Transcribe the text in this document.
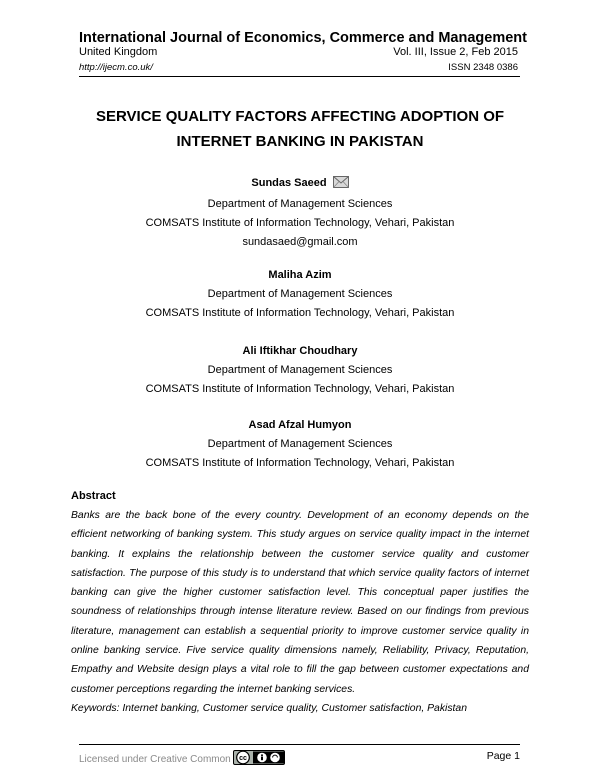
International Journal of Economics, Commerce and Management
United Kingdom	Vol. III, Issue 2, Feb 2015
http://ijecm.co.uk/	ISSN 2348 0386
SERVICE QUALITY FACTORS AFFECTING ADOPTION OF
INTERNET BANKING IN PAKISTAN
Sundas Saeed
Department of Management Sciences
COMSATS Institute of Information Technology, Vehari, Pakistan
sundasaed@gmail.com
Maliha Azim
Department of Management Sciences
COMSATS Institute of Information Technology, Vehari, Pakistan
Ali Iftikhar Choudhary
Department of Management Sciences
COMSATS Institute of Information Technology, Vehari, Pakistan
Asad Afzal Humyon
Department of Management Sciences
COMSATS Institute of Information Technology, Vehari, Pakistan
Abstract

Banks are the back bone of the every country. Development of an economy depends on the efficient networking of banking system. This study argues on service quality impact in the internet banking. It explains the relationship between the customer service quality and customer satisfaction. The purpose of this study is to understand that which service quality factors of internet banking can give the higher customer satisfaction level. This conceptual paper justifies the soundness of relationships through intense literature review. Based on our findings from previous literature, management can establish a sequential priority to improve customer service quality in online banking service. Five service quality dimensions namely, Reliability, Privacy, Reputation, Empathy and Website design plays a vital role to fill the gap between customer expectations and customer perceptions regarding the internet banking services.

Keywords: Internet banking, Customer service quality, Customer satisfaction, Pakistan
Licensed under Creative Common cc	Page 1
